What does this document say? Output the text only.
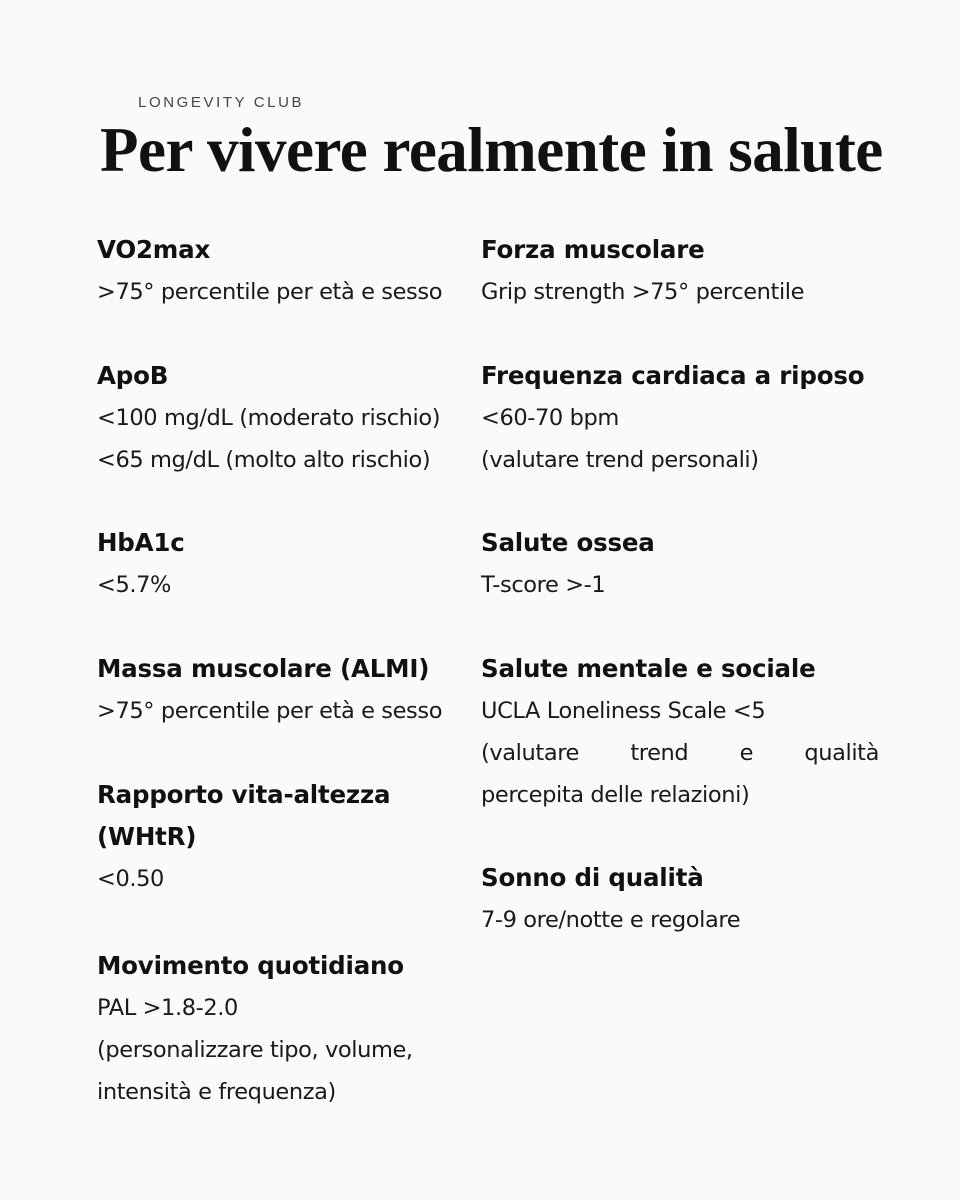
LONGEVITY CLUB
Per vivere realmente in salute
VO2max
>75° percentile per età e sesso
ApoB
<100 mg/dL (moderato rischio)
<65 mg/dL (molto alto rischio)
HbA1c
<5.7%
Massa muscolare (ALMI)
>75° percentile per età e sesso
Rapporto vita-altezza
(WHtR)
<0.50
Movimento quotidiano
PAL >1.8-2.0
(personalizzare tipo, volume,
intensità e frequenza)
Forza muscolare
Grip strength >75° percentile
Frequenza cardiaca a riposo
<60-70 bpm
(valutare trend personali)
Salute ossea
T-score >-1
Salute mentale e sociale
UCLA Loneliness Scale <5
(valutare trend e qualità
percepita delle relazioni)
Sonno di qualità
7-9 ore/notte e regolare
